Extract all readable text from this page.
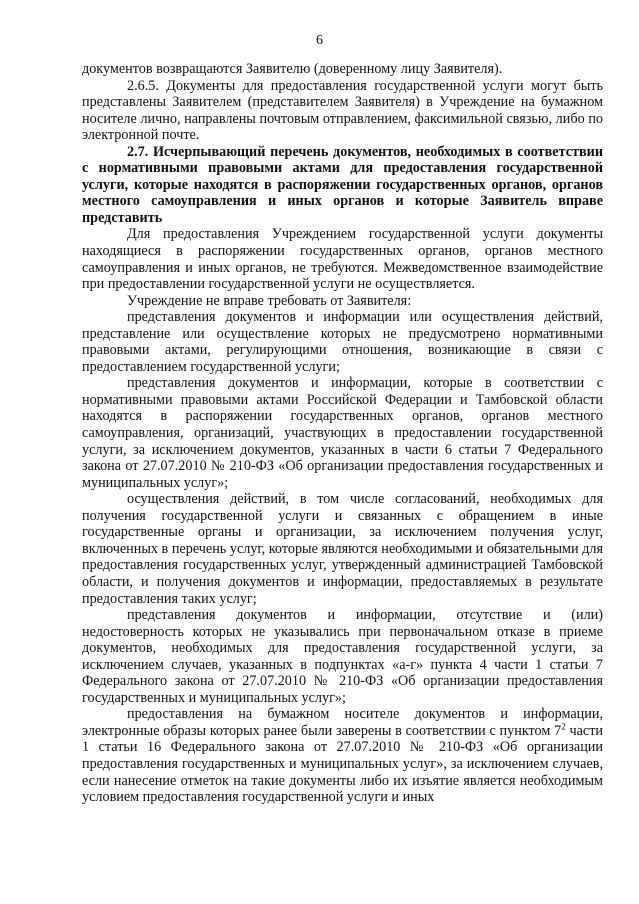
6

документов возвращаются Заявителю (доверенному лицу Заявителя).

2.6.5. Документы для предоставления государственной услуги могут быть представлены Заявителем (представителем Заявителя) в Учреждение на бумажном носителе лично, направлены почтовым отправлением, факсимильной связью, либо по электронной почте.

2.7. Исчерпывающий перечень документов, необходимых в соответствии с нормативными правовыми актами для предоставления государственной услуги, которые находятся в распоряжении государственных органов, органов местного самоуправления и иных органов и которые Заявитель вправе представить

Для предоставления Учреждением государственной услуги документы находящиеся в распоряжении государственных органов, органов местного самоуправления и иных органов, не требуются. Межведомственное взаимодействие при предоставлении государственной услуги не осуществляется.

Учреждение не вправе требовать от Заявителя:

представления документов и информации или осуществления действий, представление или осуществление которых не предусмотрено нормативными правовыми актами, регулирующими отношения, возникающие в связи с предоставлением государственной услуги;

представления документов и информации, которые в соответствии с нормативными правовыми актами Российской Федерации и Тамбовской области находятся в распоряжении государственных органов, органов местного самоуправления, организаций, участвующих в предоставлении государственной услуги, за исключением документов, указанных в части 6 статьи 7 Федерального закона от 27.07.2010 № 210-ФЗ «Об организации предоставления государственных и муниципальных услуг»;

осуществления действий, в том числе согласований, необходимых для получения государственной услуги и связанных с обращением в иные государственные органы и организации, за исключением получения услуг, включенных в перечень услуг, которые являются необходимыми и обязательными для предоставления государственных услуг, утвержденный администрацией Тамбовской области, и получения документов и информации, предоставляемых в результате предоставления таких услуг;

представления документов и информации, отсутствие и (или) недостоверность которых не указывались при первоначальном отказе в приеме документов, необходимых для предоставления государственной услуги, за исключением случаев, указанных в подпунктах «а-г» пункта 4 части 1 статьи 7 Федерального закона от 27.07.2010 № 210-ФЗ «Об организации предоставления государственных и муниципальных услуг»;

предоставления на бумажном носителе документов и информации, электронные образы которых ранее были заверены в соответствии с пунктом $7^2$ части 1 статьи 16 Федерального закона от 27.07.2010 № 210-ФЗ «Об организации предоставления государственных и муниципальных услуг», за исключением случаев, если нанесение отметок на такие документы либо их изъятие является необходимым условием предоставления государственной услуги и иных
